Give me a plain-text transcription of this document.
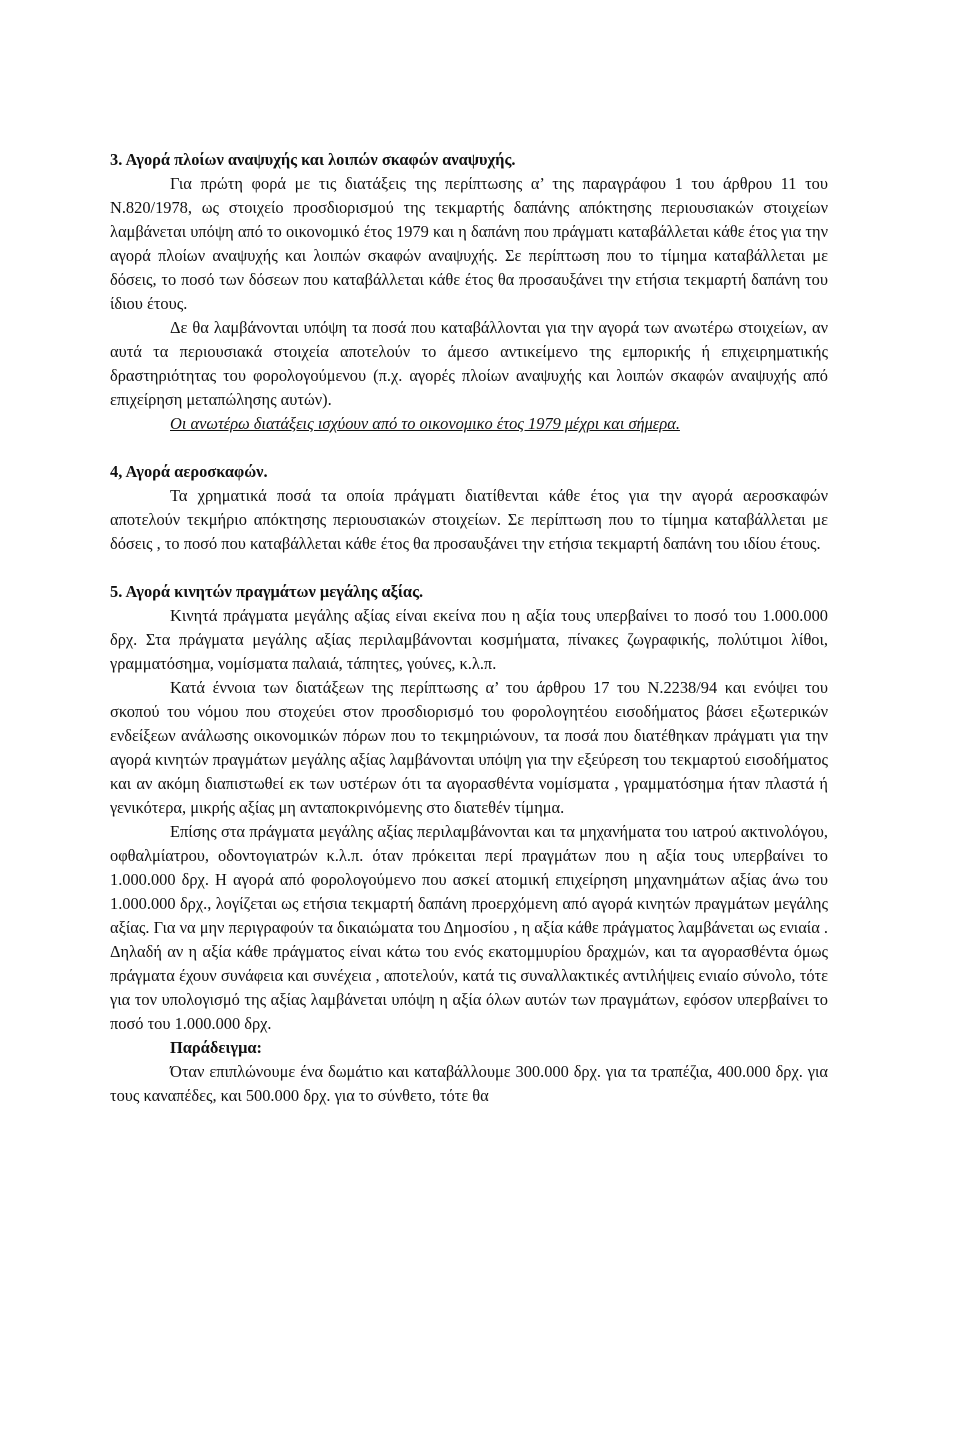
3. Αγορά πλοίων αναψυχής και λοιπών σκαφών αναψυχής.

Για πρώτη φορά με τις διατάξεις της περίπτωσης α’ της παραγράφου 1 του άρθρου 11 του Ν.820/1978, ως στοιχείο προσδιορισμού της τεκμαρτής δαπάνης απόκτησης περιουσιακών στοιχείων λαμβάνεται υπόψη από το οικονομικό έτος 1979 και η δαπάνη που πράγματι καταβάλλεται κάθε έτος για την αγορά πλοίων αναψυχής και λοιπών σκαφών αναψυχής. Σε περίπτωση που το τίμημα καταβάλλεται με δόσεις, το ποσό των δόσεων που καταβάλλεται κάθε έτος θα προσαυξάνει την ετήσια τεκμαρτή δαπάνη του ίδιου έτους.

Δε θα λαμβάνονται υπόψη τα ποσά που καταβάλλονται για την αγορά των ανωτέρω στοιχείων, αν αυτά τα περιουσιακά στοιχεία αποτελούν το άμεσο αντικείμενο της εμπορικής ή επιχειρηματικής δραστηριότητας του φορολογούμενου (π.χ. αγορές πλοίων αναψυχής και λοιπών σκαφών αναψυχής από επιχείρηση μεταπώλησης αυτών).

Οι ανωτέρω διατάξεις ισχύουν από το οικονομικο έτος 1979 μέχρι και σήμερα.
4, Αγορά αεροσκαφών.

Τα χρηματικά ποσά τα οποία πράγματι διατίθενται κάθε έτος για την αγορά αεροσκαφών αποτελούν τεκμήριο απόκτησης περιουσιακών στοιχείων. Σε περίπτωση που το τίμημα καταβάλλεται με δόσεις , το ποσό που καταβάλλεται κάθε έτος θα προσαυξάνει την ετήσια τεκμαρτή δαπάνη του ιδίου έτους.

5. Αγορά κινητών πραγμάτων μεγάλης αξίας.

Κινητά πράγματα μεγάλης αξίας είναι εκείνα που η αξία τους υπερβαίνει το ποσό του 1.000.000 δρχ. Στα πράγματα μεγάλης αξίας περιλαμβάνονται κοσμήματα, πίνακες ζωγραφικής, πολύτιμοι λίθοι, γραμματόσημα, νομίσματα παλαιά, τάπητες, γούνες, κ.λ.π.

Κατά έννοια των διατάξεων της περίπτωσης α’ του άρθρου 17 του Ν.2238/94 και ενόψει του σκοπού του νόμου που στοχεύει στον προσδιορισμό του φορολογητέου εισοδήματος βάσει εξωτερικών ενδείξεων ανάλωσης οικονομικών πόρων που το τεκμηριώνουν, τα ποσά που διατέθηκαν πράγματι για την αγορά κινητών πραγμάτων μεγάλης αξίας λαμβάνονται υπόψη για την εξεύρεση του τεκμαρτού εισοδήματος και αν ακόμη διαπιστωθεί εκ των υστέρων ότι τα αγορασθέντα νομίσματα , γραμματόσημα ήταν πλαστά ή γενικότερα, μικρής αξίας μη ανταποκρινόμενης στο διατεθέν τίμημα.

Επίσης στα πράγματα μεγάλης αξίας περιλαμβάνονται και τα μηχανήματα του ιατρού ακτινολόγου, οφθαλμίατρου, οδοντογιατρών κ.λ.π. όταν πρόκειται περί πραγμάτων που η αξία τους υπερβαίνει το 1.000.000 δρχ. Η αγορά από φορολογούμενο που ασκεί ατομική επιχείρηση μηχανημάτων αξίας άνω του 1.000.000 δρχ., λογίζεται ως ετήσια τεκμαρτή δαπάνη προερχόμενη από αγορά κινητών πραγμάτων μεγάλης αξίας. Για να μην περιγραφούν τα δικαιώματα του Δημοσίου , η αξία κάθε πράγματος λαμβάνεται ως ενιαία . Δηλαδή αν η αξία κάθε πράγματος είναι κάτω του ενός εκατομμυρίου δραχμών, και τα αγορασθέντα όμως πράγματα έχουν συνάφεια και συνέχεια , αποτελούν, κατά τις συναλλακτικές αντιλήψεις ενιαίο σύνολο, τότε για τον υπολογισμό της αξίας λαμβάνεται υπόψη η αξία όλων αυτών των πραγμάτων, εφόσον υπερβαίνει το ποσό του 1.000.000 δρχ.

Παράδειγμα:

Όταν επιπλώνουμε ένα δωμάτιο και καταβάλλουμε 300.000 δρχ. για τα τραπέζια, 400.000 δρχ. για τους καναπέδες, και 500.000 δρχ. για το σύνθετο, τότε θα
